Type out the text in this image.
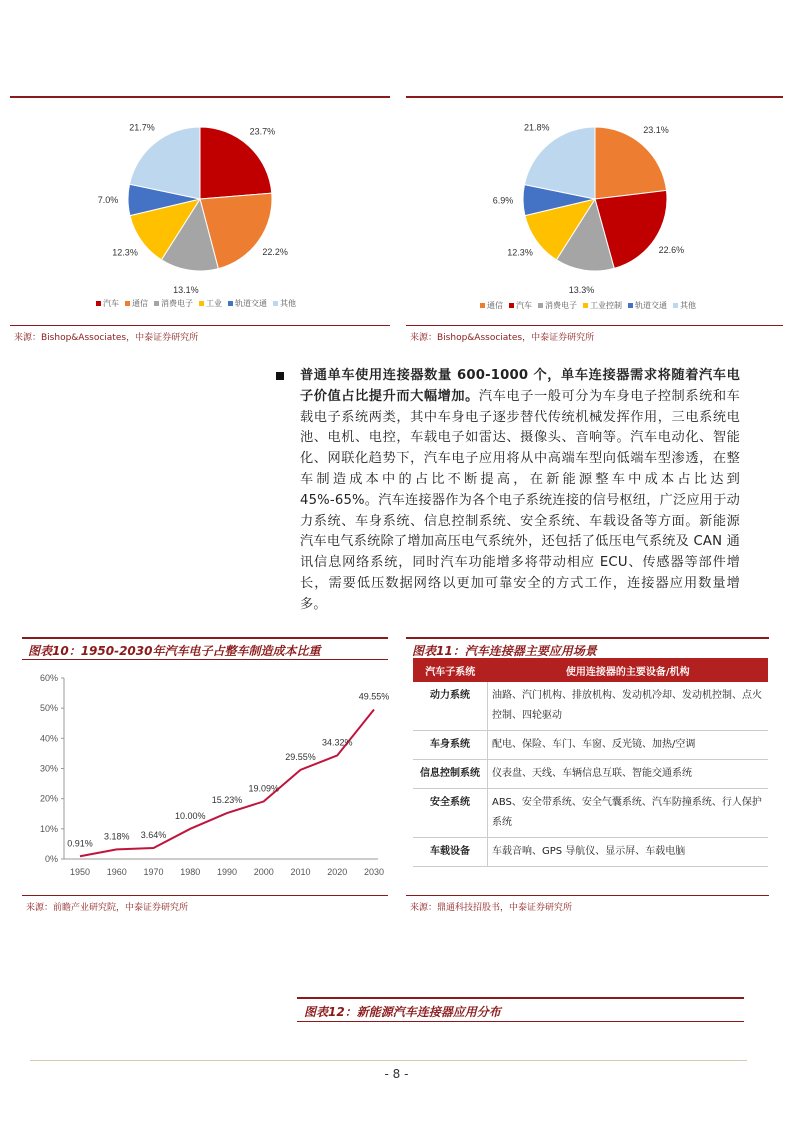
23.7%
22.2%
13.1%
12.3%
7.0%
21.7%
汽车 通信 消费电子 工业 轨道交通 其他
23.1%
22.6%
13.3%
12.3%
6.9%
21.8%
通信 汽车 消费电子 工业控制 轨道交通 其他
来源：Bishop&Associates，中泰证券研究所	来源：Bishop&Associates，中泰证券研究所
普通单车使用连接器数量 600-1000 个，单车连接器需求将随着汽车电子价值占比提升而大幅增加。汽车电子一般可分为车身电子控制系统和车载电子系统两类，其中车身电子逐步替代传统机械发挥作用，三电系统电池、电机、电控，车载电子如雷达、摄像头、音响等。汽车电动化、智能化、网联化趋势下，汽车电子应用将从中高端车型向低端车型渗透，在整车制造成本中的占比不断提高，在新能源整车中成本占比达到 45%-65%。汽车连接器作为各个电子系统连接的信号枢纽，广泛应用于动力系统、车身系统、信息控制系统、安全系统、车载设备等方面。新能源汽车电气系统除了增加高压电气系统外，还包括了低压电气系统及 CAN 通讯信息网络系统，同时汽车功能增多将带动相应 ECU、传感器等部件增长，需要低压数据网络以更加可靠安全的方式工作，连接器应用数量增多。
图表10：1950-2030年汽车电子占整车制造成本比重
0%
10%
20%
30%
40%
50%
60%
1950 1960 1970 1980 1990 2000 2010 2020 2030
0.91%
3.18% 3.64%
10.00%
15.23%
19.09%
29.55%
34.32%
49.55%
来源：前瞻产业研究院，中泰证券研究所
图表11：汽车连接器主要应用场景
汽车子系统	使用连接器的主要设备/机构
动力系统	油路、汽门机构、排放机构、发动机冷却、发动机控制、点火控制、四轮驱动
车身系统	配电、保险、车门、车窗、反光镜、加热/空调
信息控制系统	仪表盘、天线、车辆信息互联、智能交通系统
安全系统	ABS、安全带系统、安全气囊系统、汽车防撞系统、行人保护系统
车载设备	车载音响、GPS 导航仪、显示屏、车载电脑
来源：鼎通科技招股书，中泰证券研究所
图表12：新能源汽车连接器应用分布
- 8 -
